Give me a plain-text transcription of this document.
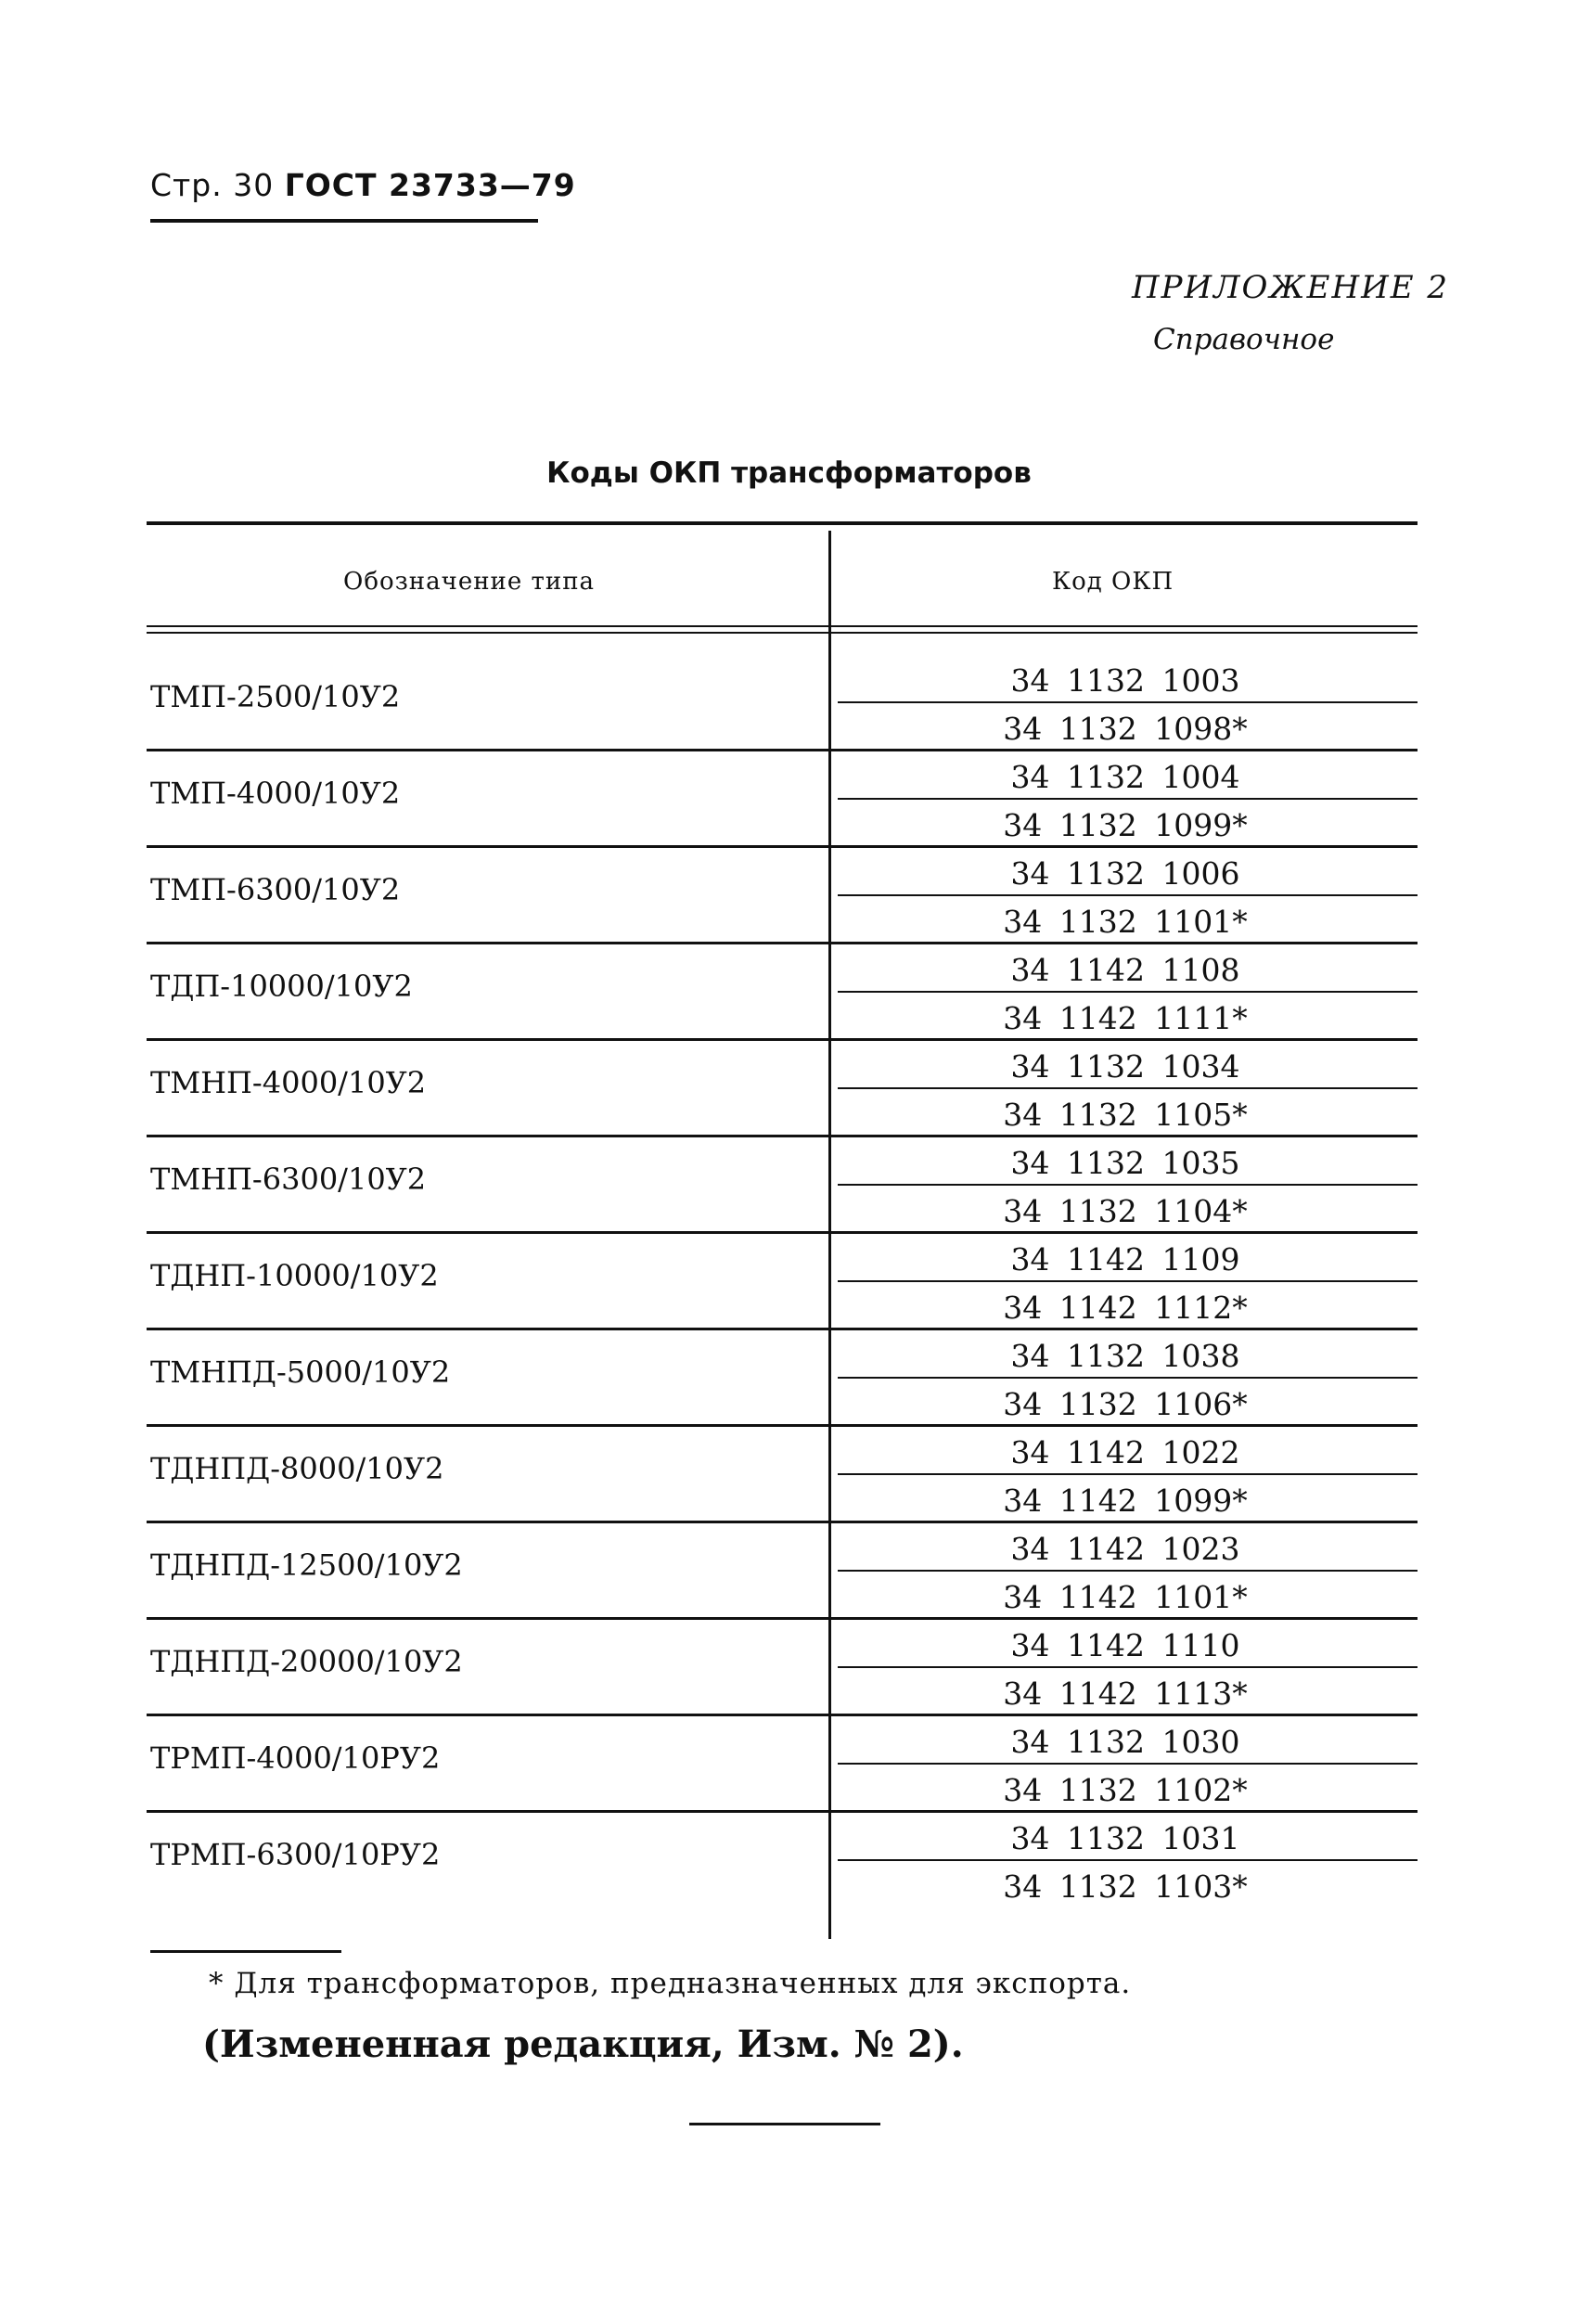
Стр. 30 ГОСТ 23733—79
ПРИЛОЖЕНИЕ 2
Справочное
Коды ОКП трансформаторов
Обозначение типа	Код ОКП
ТМП-2500/10У2	34 1132 1003
34 1132 1098*
ТМП-4000/10У2	34 1132 1004
34 1132 1099*
ТМП-6300/10У2	34 1132 1006
34 1132 1101*
ТДП-10000/10У2	34 1142 1108
34 1142 1111*
ТМНП-4000/10У2	34 1132 1034
34 1132 1105*
ТМНП-6300/10У2	34 1132 1035
34 1132 1104*
ТДНП-10000/10У2	34 1142 1109
34 1142 1112*
ТМНПД-5000/10У2	34 1132 1038
34 1132 1106*
ТДНПД-8000/10У2	34 1142 1022
34 1142 1099*
ТДНПД-12500/10У2	34 1142 1023
34 1142 1101*
ТДНПД-20000/10У2	34 1142 1110
34 1142 1113*
ТРМП-4000/10РУ2	34 1132 1030
34 1132 1102*
ТРМП-6300/10РУ2	34 1132 1031
34 1132 1103*
* Для трансформаторов, предназначенных для экспорта.
(Измененная редакция, Изм. № 2).
